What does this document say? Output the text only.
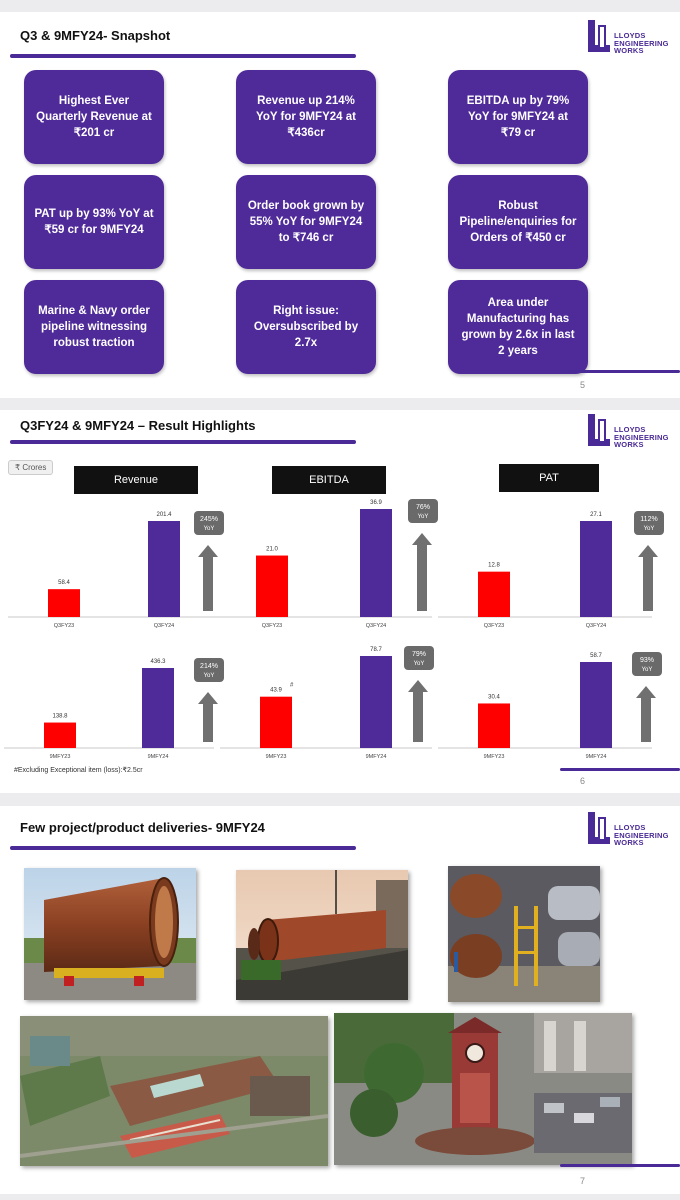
Q3 & 9MFY24- Snapshot	LLOYDS
ENGINEERING
WORKS
Highest Ever Quarterly Revenue at ₹201 cr
Revenue up 214% YoY for 9MFY24 at ₹436cr
EBITDA up by 79% YoY for 9MFY24 at ₹79 cr
PAT up by 93% YoY at ₹59 cr for 9MFY24
Order book grown by 55% YoY for 9MFY24 to ₹746 cr
Robust Pipeline/enquiries for Orders of ₹450 cr
Marine & Navy order pipeline witnessing robust traction
Right issue: Oversubscribed by 2.7x
Area under Manufacturing has grown by 2.6x in last 2 years
5
Q3FY24 & 9MFY24 – Result Highlights	LLOYDS
ENGINEERING
WORKS
₹ Crores
Revenue	EBITDA	PAT
58.4
Q3FY23
201.4
Q3FY24
245%
YoY
21.0
Q3FY23
36.9
Q3FY24
76%
YoY
12.8
Q3FY23
27.1
Q3FY24
112%
YoY
138.8
9MFY23
436.3
9MFY24
214%
YoY
43.9
#
9MFY23
78.7
9MFY24
79%
YoY
30.4
9MFY23
58.7
9MFY24
93%
YoY
#Excluding Exceptional item (loss):₹2.5cr
6
Few project/product deliveries- 9MFY24	LLOYDS
ENGINEERING
WORKS
7
